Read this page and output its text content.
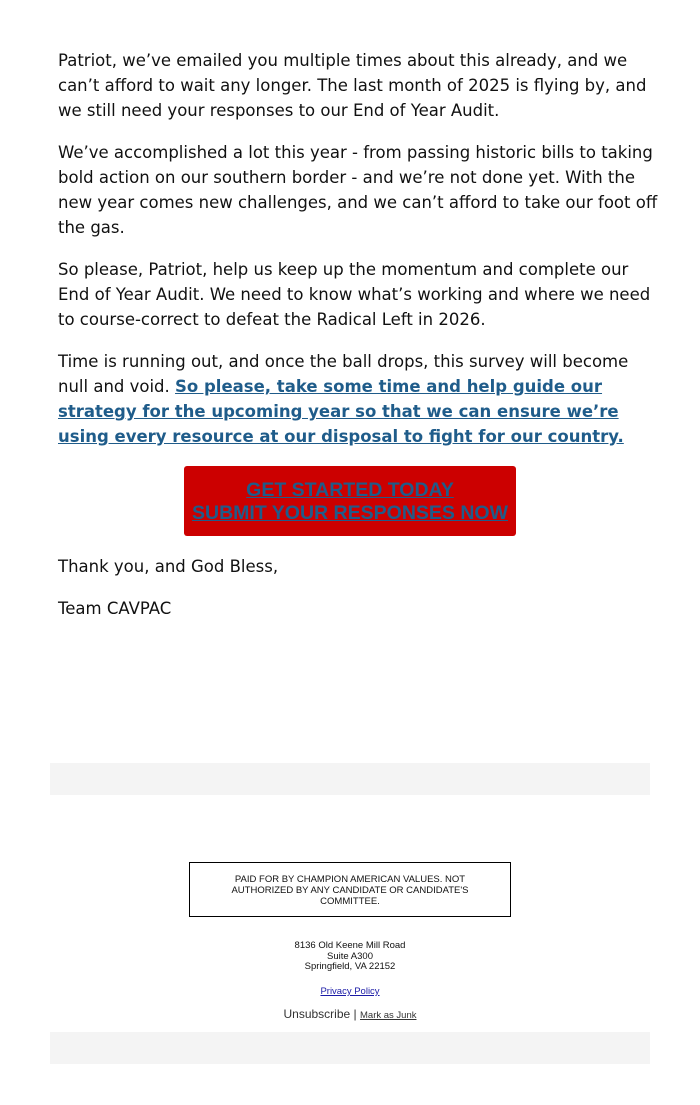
Patriot, we’ve emailed you multiple times about this already, and we can’t afford to wait any longer. The last month of 2025 is flying by, and we still need your responses to our End of Year Audit.

We’ve accomplished a lot this year - from passing historic bills to taking bold action on our southern border - and we’re not done yet. With the new year comes new challenges, and we can’t afford to take our foot off the gas.

So please, Patriot, help us keep up the momentum and complete our End of Year Audit. We need to know what’s working and where we need to course-correct to defeat the Radical Left in 2026.

Time is running out, and once the ball drops, this survey will become null and void. So please, take some time and help guide our strategy for the upcoming year so that we can ensure we’re using every resource at our disposal to fight for our country.

GET STARTED TODAY
SUBMIT YOUR RESPONSES NOW

Thank you, and God Bless,

Team CAVPAC

PAID FOR BY CHAMPION AMERICAN VALUES. NOT AUTHORIZED BY ANY CANDIDATE OR CANDIDATE'S COMMITTEE.
8136 Old Keene Mill Road
Suite A300
Springfield, VA 22152
Privacy Policy
Unsubscribe | Mark as Junk
